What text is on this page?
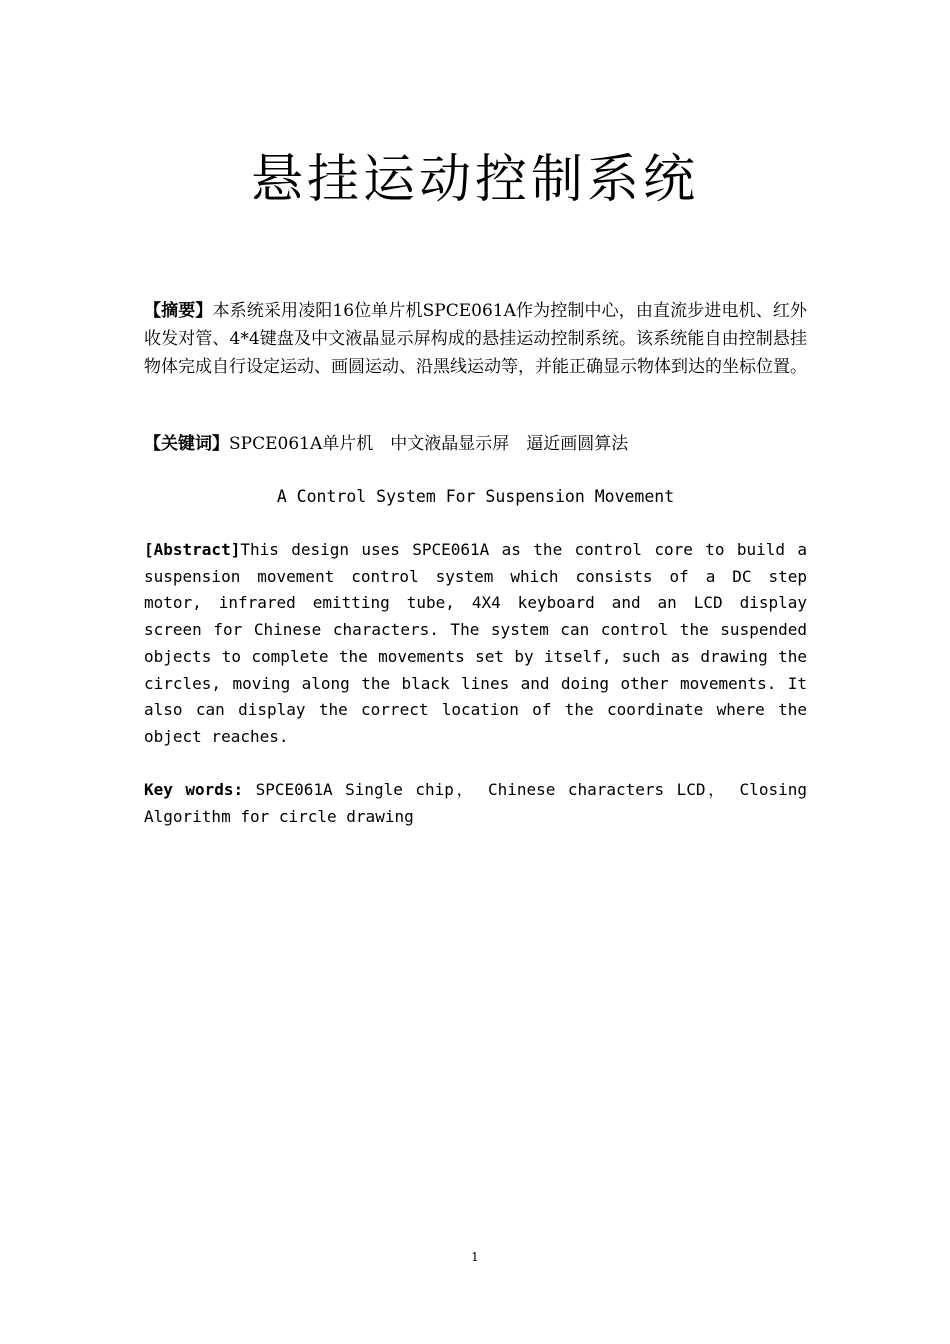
悬挂运动控制系统
【摘要】本系统采用凌阳16位单片机SPCE061A作为控制中心，由直流步进电机、红外收发对管、4*4键盘及中文液晶显示屏构成的悬挂运动控制系统。该系统能自由控制悬挂物体完成自行设定运动、画圆运动、沿黑线运动等，并能正确显示物体到达的坐标位置。
【关键词】SPCE061A单片机　中文液晶显示屏　逼近画圆算法
A Control System For Suspension Movement
[Abstract]This design uses SPCE061A as the control core to build a suspension movement control system which consists of a DC step motor, infrared emitting tube, 4X4 keyboard and an LCD display screen for Chinese characters. The system can control the suspended objects to complete the movements set by itself, such as drawing the circles, moving along the black lines and doing other movements. It also can display the correct location of the coordinate where the object reaches.
Key words: SPCE061A Single chip， Chinese characters LCD， Closing Algorithm for circle drawing
1
